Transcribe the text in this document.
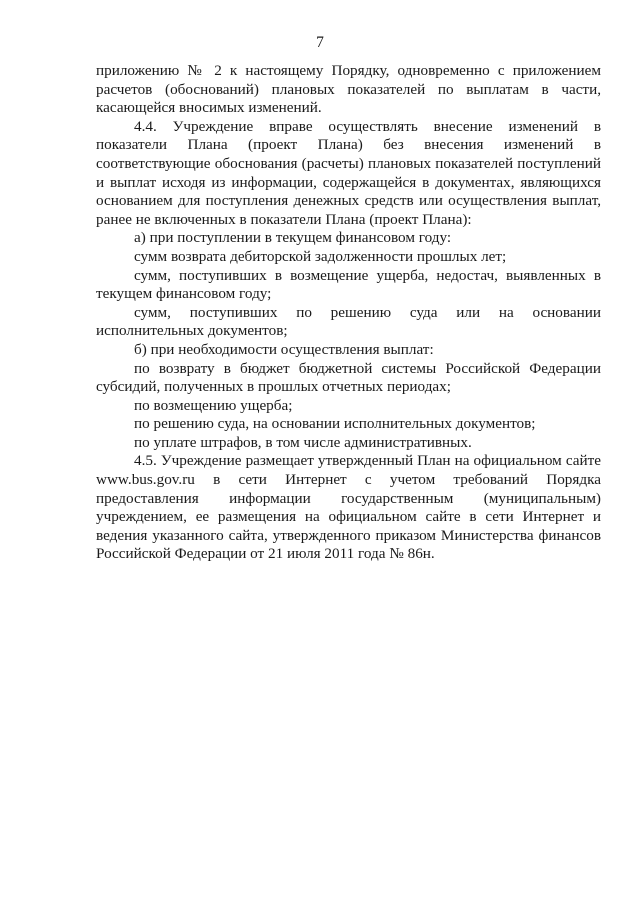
7

приложению № 2 к настоящему Порядку, одновременно с приложением расчетов (обоснований) плановых показателей по выплатам в части, касающейся вносимых изменений.

4.4. Учреждение вправе осуществлять внесение изменений в показатели Плана (проект Плана) без внесения изменений в соответствующие обоснования (расчеты) плановых показателей поступлений и выплат исходя из информации, содержащейся в документах, являющихся основанием для поступления денежных средств или осуществления выплат, ранее не включенных в показатели Плана (проект Плана):

а) при поступлении в текущем финансовом году:

сумм возврата дебиторской задолженности прошлых лет;

сумм, поступивших в возмещение ущерба, недостач, выявленных в текущем финансовом году;

сумм, поступивших по решению суда или на основании исполнительных документов;

б) при необходимости осуществления выплат:

по возврату в бюджет бюджетной системы Российской Федерации субсидий, полученных в прошлых отчетных периодах;

по возмещению ущерба;

по решению суда, на основании исполнительных документов;

по уплате штрафов, в том числе административных.

4.5. Учреждение размещает утвержденный План на официальном сайте www.bus.gov.ru в сети Интернет с учетом требований Порядка предоставления информации государственным (муниципальным) учреждением, ее размещения на официальном сайте в сети Интернет и ведения указанного сайта, утвержденного приказом Министерства финансов Российской Федерации от 21 июля 2011 года № 86н.
